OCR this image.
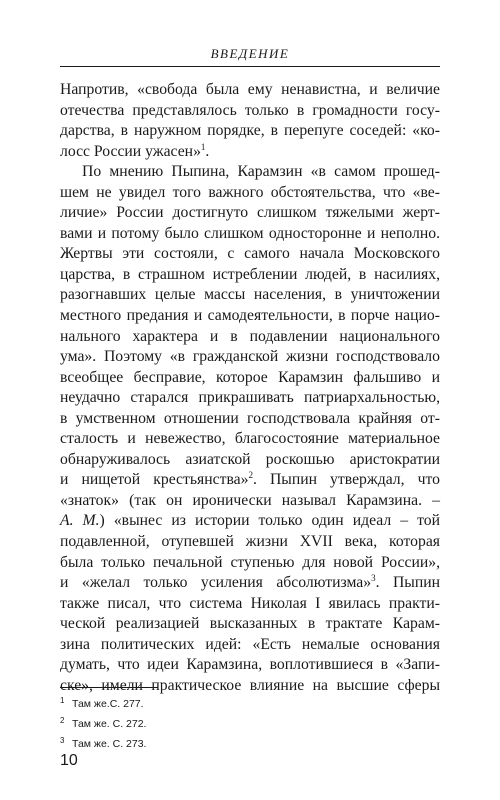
ВВЕДЕНИЕ
Напротив, «свобода была ему ненавистна, и величие
отечества представлялось только в громадности госу-
дарства, в наружном порядке, в перепуге соседей: «ко-
лосс России ужасен»$^1$.
По мнению Пыпина, Карамзин «в самом прошед-
шем не увидел того важного обстоятельства, что «ве-
личие» России достигнуто слишком тяжелыми жерт-
вами и потому было слишком односторонне и неполно.
Жертвы эти состояли, с самого начала Московского
царства, в страшном истреблении людей, в насилиях,
разогнавших целые массы населения, в уничтожении
местного предания и самодеятельности, в порче нацио-
нального характера и в подавлении национального
ума». Поэтому «в гражданской жизни господствовало
всеобщее бесправие, которое Карамзин фальшиво и
неудачно старался прикрашивать патриархальностью,
в умственном отношении господствовала крайняя от-
сталость и невежество, благосостояние материальное
обнаруживалось азиатской роскошью аристократии
и нищетой крестьянства»$^2$. Пыпин утверждал, что
«знаток» (так он иронически называл Карамзина. –
А. М.) «вынес из истории только один идеал – той
подавленной, отупевшей жизни XVII века, которая
была только печальной ступенью для новой России»,
и «желал только усиления абсолютизма»$^3$. Пыпин
также писал, что система Николая I явилась практи-
ческой реализацией высказанных в трактате Карам-
зина политических идей: «Есть немалые основания
думать, что идеи Карамзина, воплотившиеся в «Запи-
ске», имели практическое влияние на высшие сферы
1 Там же.С. 277.
2 Там же. С. 272.
3 Там же. С. 273.
10
